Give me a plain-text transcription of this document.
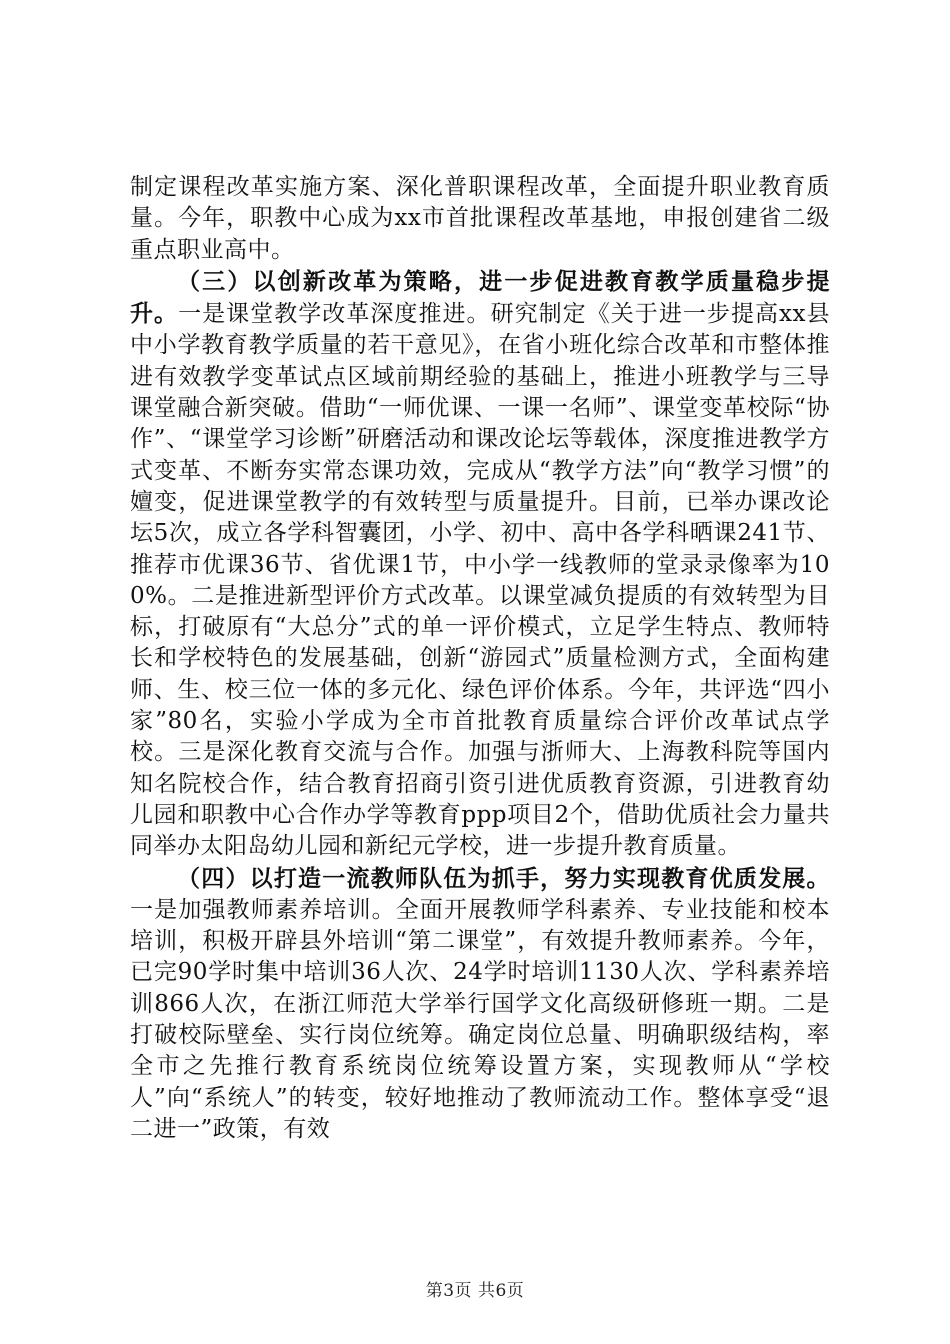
制定课程改革实施方案、深化普职课程改革，全面提升职业教育质量。今年，职教中心成为xx市首批课程改革基地，申报创建省二级重点职业高中。

（三）以创新改革为策略，进一步促进教育教学质量稳步提升。一是课堂教学改革深度推进。研究制定《关于进一步提高xx县中小学教育教学质量的若干意见》，在省小班化综合改革和市整体推进有效教学变革试点区域前期经验的基础上，推进小班教学与三导课堂融合新突破。借助“一师优课、一课一名师”、课堂变革校际“协作”、“课堂学习诊断”研磨活动和课改论坛等载体，深度推进教学方式变革、不断夯实常态课功效，完成从“教学方法”向“教学习惯”的嬗变，促进课堂教学的有效转型与质量提升。目前，已举办课改论坛5次，成立各学科智囊团，小学、初中、高中各学科晒课241节、推荐市优课36节、省优课1节，中小学一线教师的堂录录像率为100%。二是推进新型评价方式改革。以课堂减负提质的有效转型为目标，打破原有“大总分”式的单一评价模式，立足学生特点、教师特长和学校特色的发展基础，创新“游园式”质量检测方式，全面构建师、生、校三位一体的多元化、绿色评价体系。今年，共评选“四小家”80名，实验小学成为全市首批教育质量综合评价改革试点学校。三是深化教育交流与合作。加强与浙师大、上海教科院等国内知名院校合作，结合教育招商引资引进优质教育资源，引进教育幼儿园和职教中心合作办学等教育ppp项目2个，借助优质社会力量共同举办太阳岛幼儿园和新纪元学校，进一步提升教育质量。

（四）以打造一流教师队伍为抓手，努力实现教育优质发展。一是加强教师素养培训。全面开展教师学科素养、专业技能和校本培训，积极开辟县外培训“第二课堂”，有效提升教师素养。今年，已完90学时集中培训36人次、24学时培训1130人次、学科素养培训866人次，在浙江师范大学举行国学文化高级研修班一期。二是打破校际壁垒、实行岗位统筹。确定岗位总量、明确职级结构，率全市之先推行教育系统岗位统筹设置方案，实现教师从“学校人”向“系统人”的转变，较好地推动了教师流动工作。整体享受“退二进一”政策，有效

第3页 共6页
